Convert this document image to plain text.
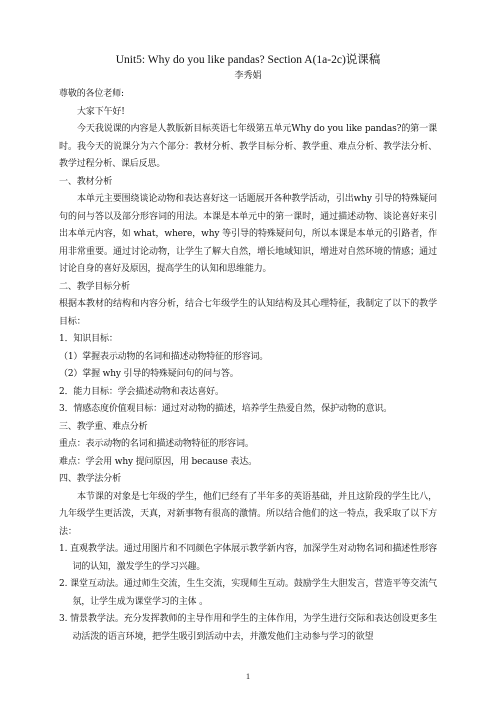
Unit5: Why do you like pandas? Section A(1a-2c)说课稿
李秀娟

尊敬的各位老师:

大家下午好!

今天我说课的内容是人教版新目标英语七年级第五单元Why do you like pandas?的第一课时。我今天的说课分为六个部分：教材分析、教学目标分析、教学重、难点分析、教学法分析、教学过程分析、课后反思。

一、教材分析

本单元主要围绕谈论动物和表达喜好这一话题展开各种教学活动，引出why 引导的特殊疑问句的问与答以及部分形容词的用法。本课是本单元中的第一课时，通过描述动物、谈论喜好来引出本单元内容，如 what，where，why 等引导的特殊疑问句，所以本课是本单元的引路者，作用非常重要。通过讨论动物，让学生了解大自然，增长地域知识，增进对自然环境的情感；通过讨论自身的喜好及原因，提高学生的认知和思维能力。

二、教学目标分析

根据本教材的结构和内容分析，结合七年级学生的认知结构及其心理特征，我制定了以下的教学目标：

1．知识目标：

（1）掌握表示动物的名词和描述动物特征的形容词。

（2）掌握 why 引导的特殊疑问句的问与答。

2．能力目标：学会描述动物和表达喜好。

3．情感态度价值观目标：通过对动物的描述，培养学生热爱自然，保护动物的意识。

三、教学重、难点分析

重点：表示动物的名词和描述动物特征的形容词。

难点：学会用 why 提问原因，用 because 表达。

四、教学法分析

本节课的对象是七年级的学生，他们已经有了半年多的英语基础，并且这阶段的学生比八，九年级学生更活泼，天真，对新事物有很高的激情。所以结合他们的这一特点，我采取了以下方法：

1. 直观教学法。通过用图片和不同颜色字体展示教学新内容，加深学生对动物名词和描述性形容词的认知，激发学生的学习兴趣。

2. 课堂互动法。通过师生交流，生生交流，实现师生互动。鼓励学生大胆发言，营造平等交流气氛，让学生成为课堂学习的主体 。

3. 情景教学法。充分发挥教师的主导作用和学生的主体作用，为学生进行交际和表达创设更多生动活泼的语言环境，把学生吸引到活动中去，并激发他们主动参与学习的欲望

1
